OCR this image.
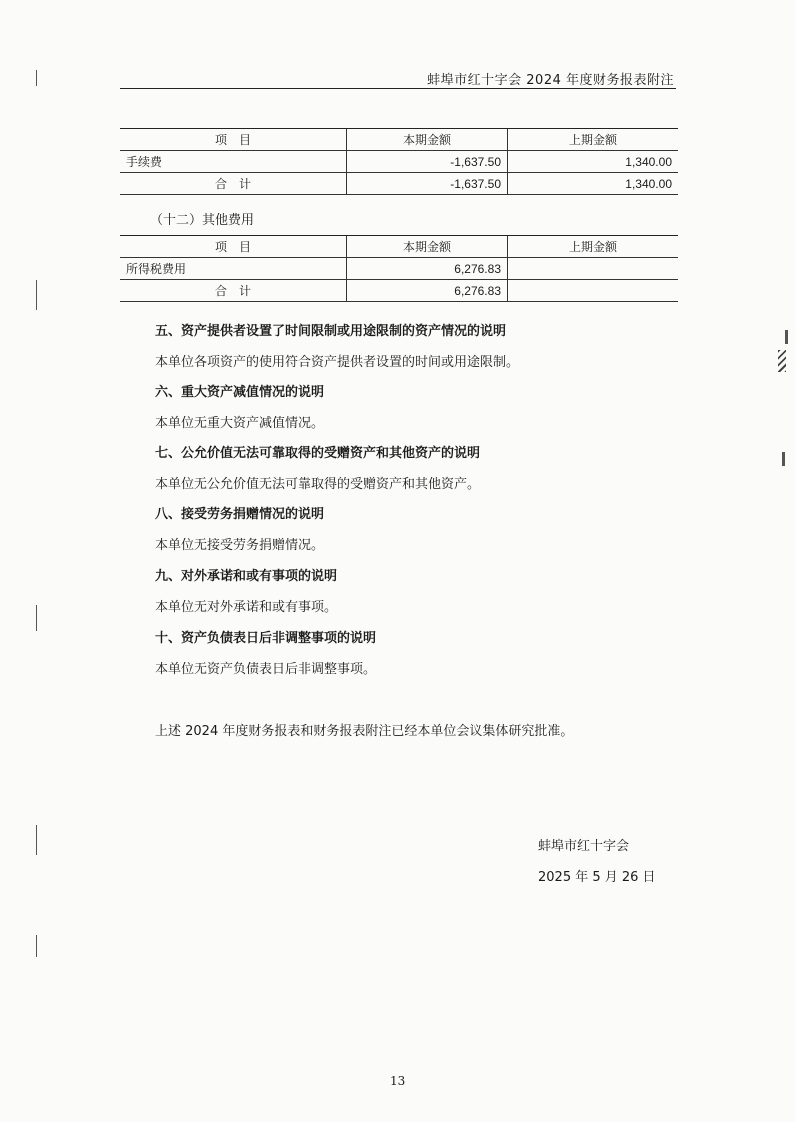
蚌埠市红十字会 2024 年度财务报表附注
项　目	本期金额	上期金额
手续费	-1,637.50	1,340.00
合　计	-1,637.50	1,340.00
（十二）其他费用
项　目	本期金额	上期金额
所得税费用	6,276.83	
合　计	6,276.83	
五、资产提供者设置了时间限制或用途限制的资产情况的说明
本单位各项资产的使用符合资产提供者设置的时间或用途限制。
六、重大资产减值情况的说明
本单位无重大资产减值情况。
七、公允价值无法可靠取得的受赠资产和其他资产的说明
本单位无公允价值无法可靠取得的受赠资产和其他资产。
八、接受劳务捐赠情况的说明
本单位无接受劳务捐赠情况。
九、对外承诺和或有事项的说明
本单位无对外承诺和或有事项。
十、资产负债表日后非调整事项的说明
本单位无资产负债表日后非调整事项。
上述 2024 年度财务报表和财务报表附注已经本单位会议集体研究批准。
蚌埠市红十字会
2025 年 5 月 26 日
13
